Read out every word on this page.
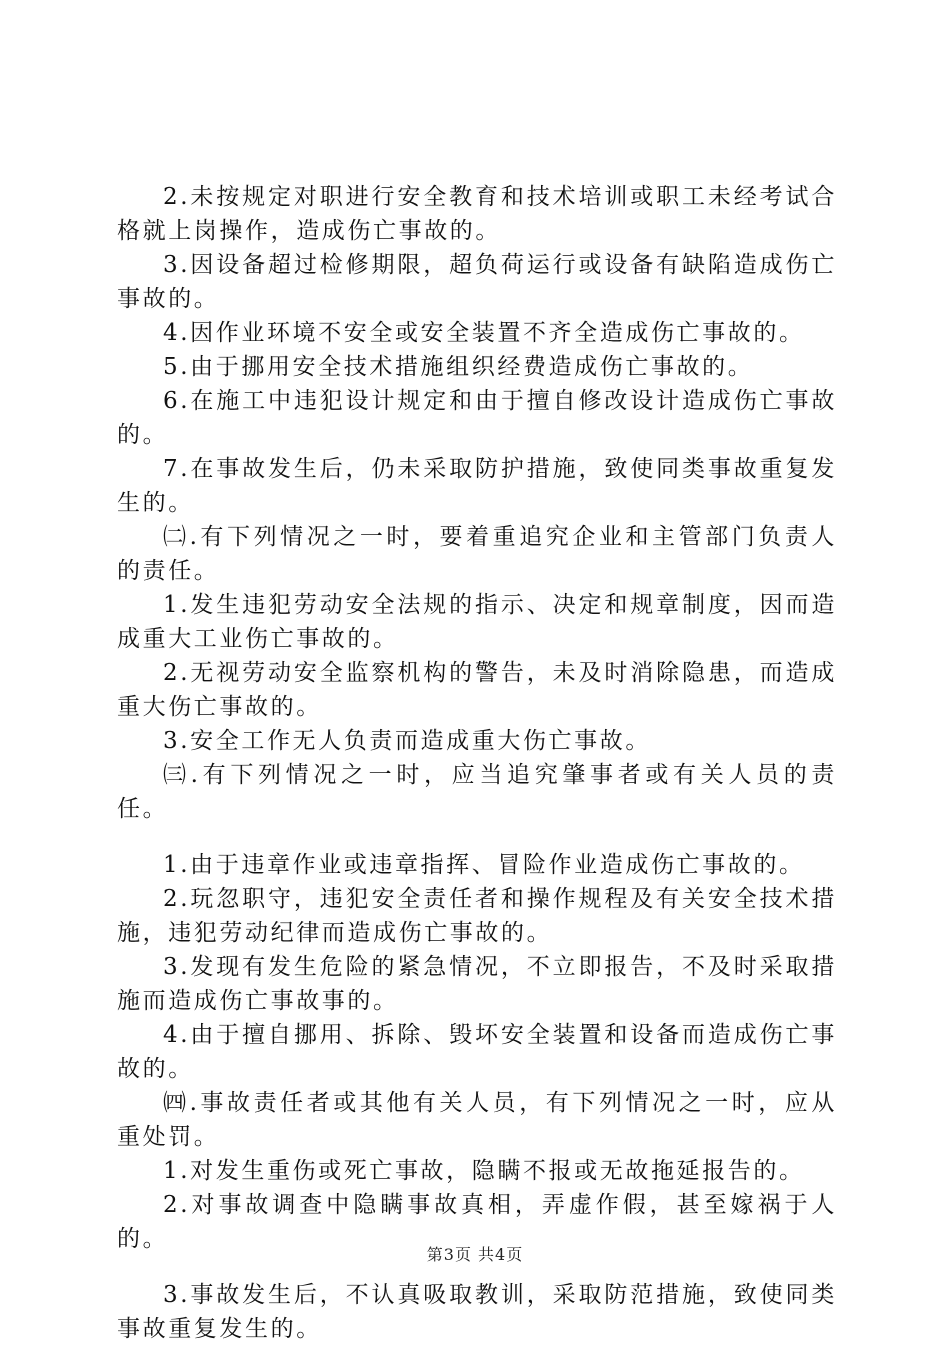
2.未按规定对职进行安全教育和技术培训或职工未经考试合格就上岗操作，造成伤亡事故的。

3.因设备超过检修期限，超负荷运行或设备有缺陷造成伤亡事故的。

4.因作业环境不安全或安全装置不齐全造成伤亡事故的。

5.由于挪用安全技术措施组织经费造成伤亡事故的。

6.在施工中违犯设计规定和由于擅自修改设计造成伤亡事故的。

7.在事故发生后，仍未采取防护措施，致使同类事故重复发生的。

㈡.有下列情况之一时，要着重追究企业和主管部门负责人的责任。

1.发生违犯劳动安全法规的指示、决定和规章制度，因而造成重大工业伤亡事故的。

2.无视劳动安全监察机构的警告，未及时消除隐患，而造成重大伤亡事故的。

3.安全工作无人负责而造成重大伤亡事故。

㈢.有下列情况之一时，应当追究肇事者或有关人员的责任。

1.由于违章作业或违章指挥、冒险作业造成伤亡事故的。

2.玩忽职守，违犯安全责任者和操作规程及有关安全技术措施，违犯劳动纪律而造成伤亡事故的。

3.发现有发生危险的紧急情况，不立即报告，不及时采取措施而造成伤亡事故事的。

4.由于擅自挪用、拆除、毁坏安全装置和设备而造成伤亡事故的。

㈣.事故责任者或其他有关人员，有下列情况之一时，应从重处罚。

1.对发生重伤或死亡事故，隐瞒不报或无故拖延报告的。

2.对事故调查中隐瞒事故真相，弄虚作假，甚至嫁祸于人的。

3.事故发生后，不认真吸取教训，采取防范措施，致使同类事故重复发生的。

第3页 共4页
